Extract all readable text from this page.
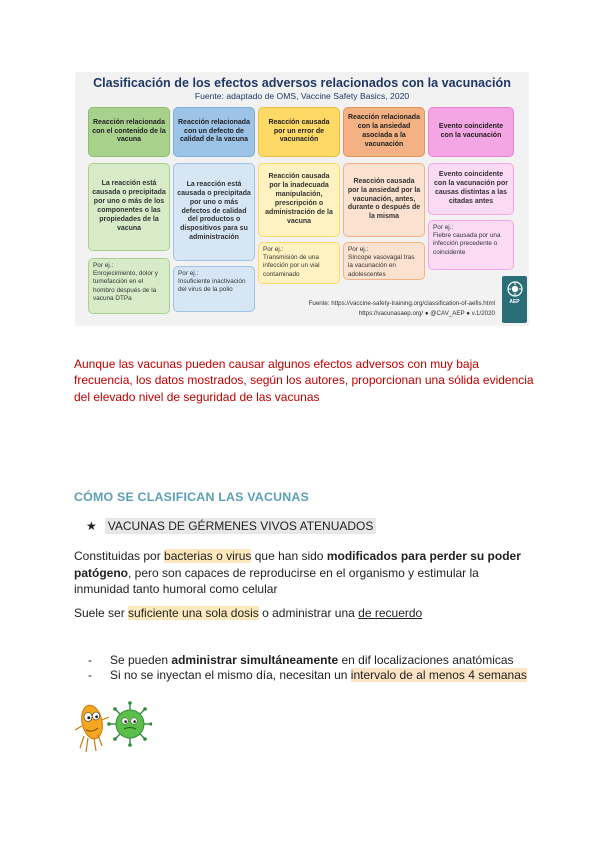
Clasificación de los efectos adversos relacionados con la vacunación
Fuente: adaptado de OMS, Vaccine Safety Basics, 2020
Reacción relacionada con el contenido de la vacuna
La reacción está causada o precipitada por uno o más de los componentes o las propiedades de la vacuna
Por ej.:
Enrojecimiento, dolor y tumefacción en el hombro después de la vacuna DTPa
Reacción relacionada con un defecto de calidad de la vacuna
La reacción está causada o precipitada por uno o más defectos de calidad del productos o dispositivos para su administración
Por ej.:
Insuficiente inactivación del virus de la polio
Reacción causada por un error de vacunación
Reacción causada por la inadecuada manipulación, prescripción o administración de la vacuna
Por ej.:
Transmisión de una infección por un vial contaminado
Reacción relacionada con la ansiedad asociada a la vacunación
Reacción causada por la ansiedad por la vacunación, antes, durante o después de la misma
Por ej.:
Síncope vasovagal tras la vacunación en adolescentes
Evento coincidente con la vacunación
Evento coincidente con la vacunación por causas distintas a las citadas antes
Por ej.:
Fiebre causada por una infección precedente o coincidente
Fuente: https://vaccine-safety-training.org/classification-of-aefis.html
https://vacunasaep.org/ ● @CAV_AEP ● v.1/2020
AEP
Aunque las vacunas pueden causar algunos efectos adversos con muy baja frecuencia, los datos mostrados, según los autores, proporcionan una sólida evidencia del elevado nivel de seguridad de las vacunas
CÓMO SE CLASIFICAN LAS VACUNAS
★ VACUNAS DE GÉRMENES VIVOS ATENUADOS
Constituidas por bacterias o virus que han sido modificados para perder su poder patógeno, pero son capaces de reproducirse en el organismo y estimular la inmunidad tanto humoral como celular
Suele ser suficiente una sola dosis o administrar una de recuerdo
-	Se pueden administrar simultáneamente en dif localizaciones anatómicas
-	Si no se inyectan el mismo día, necesitan un intervalo de al menos 4 semanas
